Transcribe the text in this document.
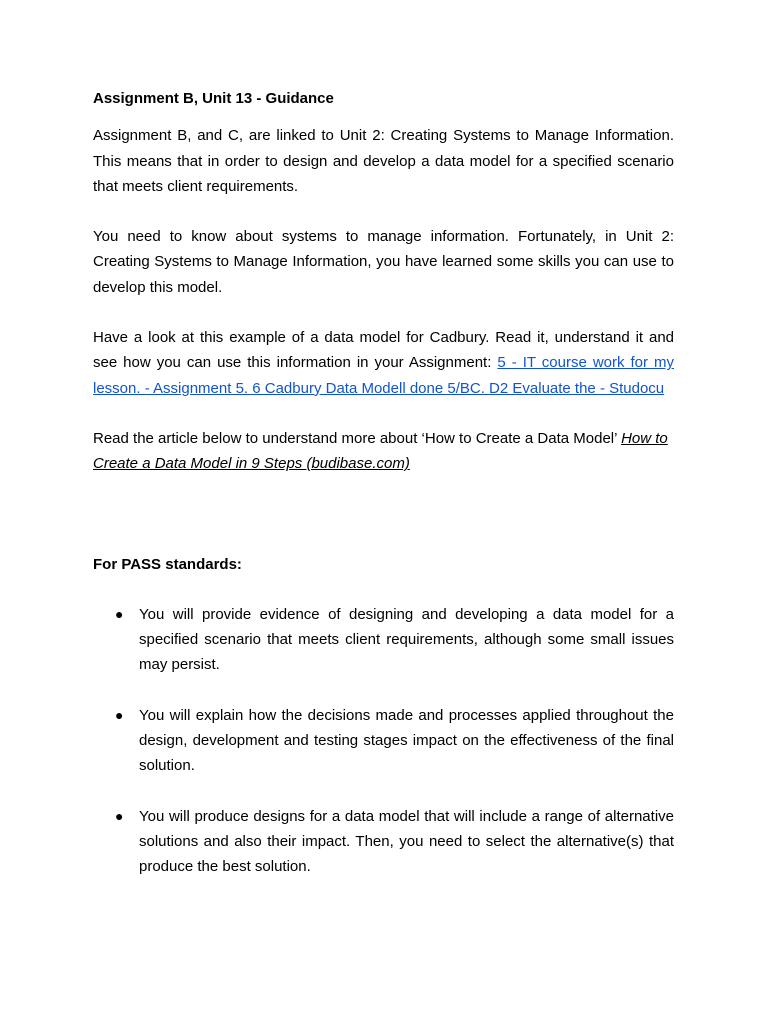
Assignment B, Unit 13 - Guidance

Assignment B, and C, are linked to Unit 2: Creating Systems to Manage Information. This means that in order to design and develop a data model for a specified scenario that meets client requirements.

You need to know about systems to manage information. Fortunately, in Unit 2: Creating Systems to Manage Information, you have learned some skills you can use to develop this model.

Have a look at this example of a data model for Cadbury. Read it, understand it and see how you can use this information in your Assignment: 5 - IT course work for my lesson. - Assignment 5. 6 Cadbury Data Modell done 5/BC. D2 Evaluate the - Studocu

Read the article below to understand more about ‘How to Create a Data Model’ How to Create a Data Model in 9 Steps (budibase.com)

For PASS standards:
● You will provide evidence of designing and developing a data model for a specified scenario that meets client requirements, although some small issues may persist.
● You will explain how the decisions made and processes applied throughout the design, development and testing stages impact on the effectiveness of the final solution.
● You will produce designs for a data model that will include a range of alternative solutions and also their impact. Then, you need to select the alternative(s) that produce the best solution.
